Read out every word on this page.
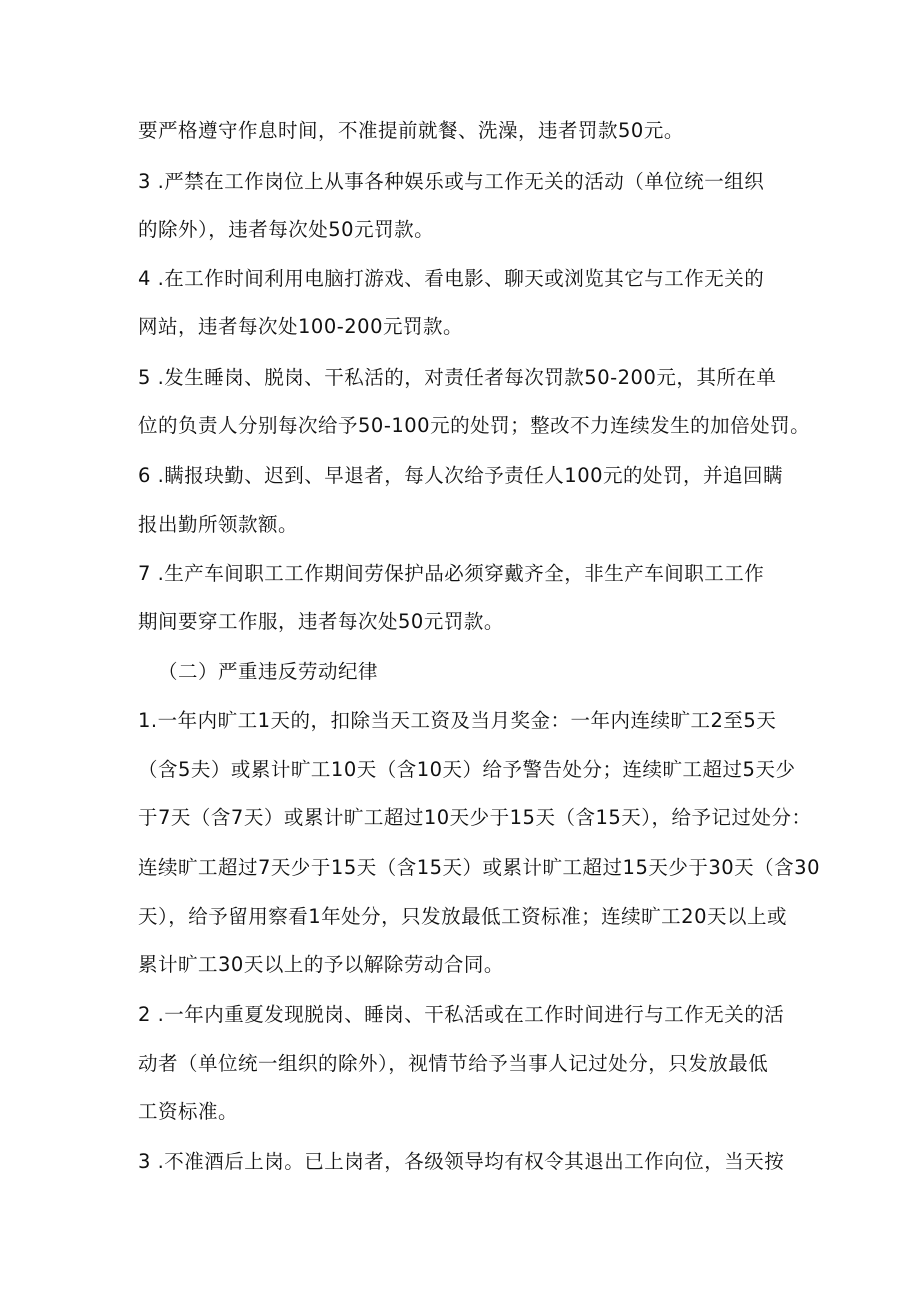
要严格遵守作息时间，不准提前就餐、洗澡，违者罚款50元。
3 .严禁在工作岗位上从事各种娱乐或与工作无关的活动（单位统一组织
的除外），违者每次处50元罚款。
4 .在工作时间利用电脑打游戏、看电影、聊天或浏览其它与工作无关的
网站，违者每次处100-200元罚款。
5 .发生睡岗、脱岗、干私活的，对责任者每次罚款50-200元，其所在单
位的负责人分别每次给予50-100元的处罚；整改不力连续发生的加倍处罚。
6 .瞒报玦勤、迟到、早退者，每人次给予责任人100元的处罚，并追回瞒
报出勤所领款额。
7 .生产车间职工工作期间劳保护品必须穿戴齐全，非生产车间职工工作
期间要穿工作服，违者每次处50元罚款。
（二）严重违反劳动纪律
1.一年内旷工1天的，扣除当天工资及当月奖金：一年内连续旷工2至5天
（含5夫）或累计旷工10天（含10天）给予警告处分；连续旷工超过5天少
于7天（含7天）或累计旷工超过10天少于15天（含15天），给予记过处分：
连续旷工超过7天少于15天（含15天）或累计旷工超过15天少于30天（含30
天），给予留用察看1年处分，只发放最低工资标准；连续旷工20天以上或
累计旷工30天以上的予以解除劳动合同。
2 .一年内重夏发现脱岗、睡岗、干私活或在工作时间进行与工作无关的活
动者（单位统一组织的除外），视情节给予当事人记过处分，只发放最低
工资标准。
3 .不准酒后上岗。已上岗者，各级领导均有权令其退出工作向位，当天按
